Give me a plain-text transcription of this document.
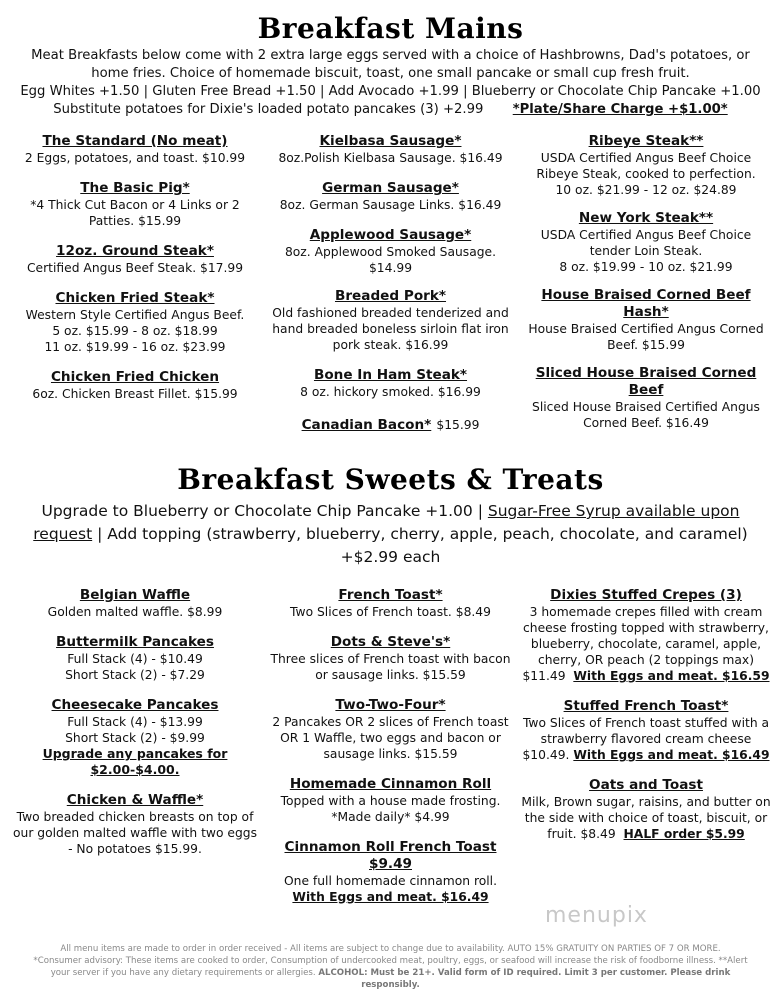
Breakfast Mains
Meat Breakfasts below come with 2 extra large eggs served with a choice of Hashbrowns, Dad's potatoes, or home fries. Choice of homemade biscuit, toast, one small pancake or small cup fresh fruit.
Egg Whites +1.50 | Gluten Free Bread +1.50 | Add Avocado +1.99 | Blueberry or Chocolate Chip Pancake +1.00
Substitute potatoes for Dixie's loaded potato pancakes (3) +2.99 *Plate/Share Charge +$1.00*
The Standard (No meat)
2 Eggs, potatoes, and toast. $10.99
The Basic Pig*
*4 Thick Cut Bacon or 4 Links or 2 Patties. $15.99
12oz. Ground Steak*
Certified Angus Beef Steak. $17.99
Chicken Fried Steak*
Western Style Certified Angus Beef.
5 oz. $15.99 - 8 oz. $18.99
11 oz. $19.99 - 16 oz. $23.99
Chicken Fried Chicken
6oz. Chicken Breast Fillet. $15.99
Kielbasa Sausage*
8oz.Polish Kielbasa Sausage. $16.49
German Sausage*
8oz. German Sausage Links. $16.49
Applewood Sausage*
8oz. Applewood Smoked Sausage. $14.99
Breaded Pork*
Old fashioned breaded tenderized and hand breaded boneless sirloin flat iron pork steak. $16.99
Bone In Ham Steak*
8 oz. hickory smoked. $16.99
Canadian Bacon* $15.99
Ribeye Steak**
USDA Certified Angus Beef Choice Ribeye Steak, cooked to perfection.
10 oz. $21.99 - 12 oz. $24.89
New York Steak**
USDA Certified Angus Beef Choice tender Loin Steak.
8 oz. $19.99 - 10 oz. $21.99
House Braised Corned Beef Hash*
House Braised Certified Angus Corned Beef. $15.99
Sliced House Braised Corned Beef
Sliced House Braised Certified Angus Corned Beef. $16.49
Breakfast Sweets & Treats
Upgrade to Blueberry or Chocolate Chip Pancake +1.00 | Sugar-Free Syrup available upon request | Add topping (strawberry, blueberry, cherry, apple, peach, chocolate, and caramel) +$2.99 each
Belgian Waffle
Golden malted waffle. $8.99
Buttermilk Pancakes
Full Stack (4) - $10.49
Short Stack (2) - $7.29
Cheesecake Pancakes
Full Stack (4) - $13.99
Short Stack (2) - $9.99
Upgrade any pancakes for $2.00-$4.00.
Chicken & Waffle*
Two breaded chicken breasts on top of our golden malted waffle with two eggs - No potatoes $15.99.
French Toast*
Two Slices of French toast. $8.49
Dots & Steve's*
Three slices of French toast with bacon or sausage links. $15.59
Two-Two-Four*
2 Pancakes OR 2 slices of French toast OR 1 Waffle, two eggs and bacon or sausage links. $15.59
Homemade Cinnamon Roll
Topped with a house made frosting.
*Made daily* $4.99
Cinnamon Roll French Toast $9.49
One full homemade cinnamon roll.
With Eggs and meat. $16.49
Dixies Stuffed Crepes (3)
3 homemade crepes filled with cream cheese frosting topped with strawberry, blueberry, chocolate, caramel, apple, cherry, OR peach (2 toppings max)
$11.49 With Eggs and meat. $16.59
Stuffed French Toast*
Two Slices of French toast stuffed with a strawberry flavored cream cheese
$10.49. With Eggs and meat. $16.49
Oats and Toast
Milk, Brown sugar, raisins, and butter on the side with choice of toast, biscuit, or fruit. $8.49 HALF order $5.99
menupix
All menu items are made to order in order received - All items are subject to change due to availability. AUTO 15% GRATUITY ON PARTIES OF 7 OR MORE.
*Consumer advisory: These items are cooked to order, Consumption of undercooked meat, poultry, eggs, or seafood will increase the risk of foodborne illness. **Alert your server if you have any dietary requirements or allergies. ALCOHOL: Must be 21+. Valid form of ID required. Limit 3 per customer. Please drink responsibly.
